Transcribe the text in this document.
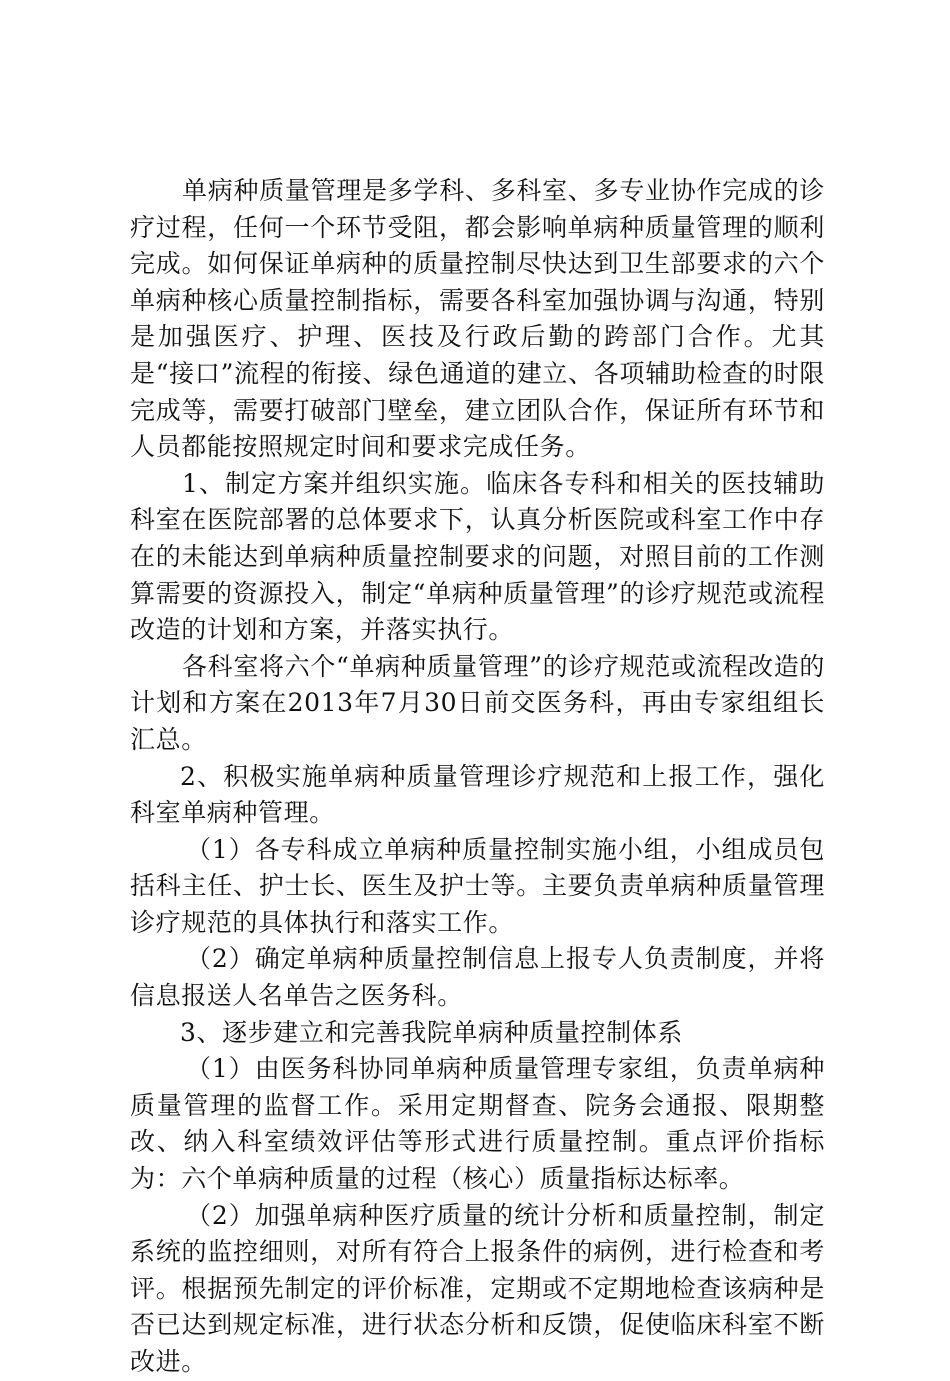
单病种质量管理是多学科、多科室、多专业协作完成的诊疗过程，任何一个环节受阻，都会影响单病种质量管理的顺利完成。如何保证单病种的质量控制尽快达到卫生部要求的六个单病种核心质量控制指标，需要各科室加强协调与沟通，特别是加强医疗、护理、医技及行政后勤的跨部门合作。尤其是“接口”流程的衔接、绿色通道的建立、各项辅助检查的时限完成等，需要打破部门壁垒，建立团队合作，保证所有环节和人员都能按照规定时间和要求完成任务。

1、制定方案并组织实施。临床各专科和相关的医技辅助科室在医院部署的总体要求下，认真分析医院或科室工作中存在的未能达到单病种质量控制要求的问题，对照目前的工作测算需要的资源投入，制定“单病种质量管理”的诊疗规范或流程改造的计划和方案，并落实执行。

各科室将六个“单病种质量管理”的诊疗规范或流程改造的计划和方案在2013年7月30日前交医务科，再由专家组组长汇总。

2、积极实施单病种质量管理诊疗规范和上报工作，强化科室单病种管理。

（1）各专科成立单病种质量控制实施小组，小组成员包括科主任、护士长、医生及护士等。主要负责单病种质量管理诊疗规范的具体执行和落实工作。

（2）确定单病种质量控制信息上报专人负责制度，并将信息报送人名单告之医务科。

3、逐步建立和完善我院单病种质量控制体系

（1）由医务科协同单病种质量管理专家组，负责单病种质量管理的监督工作。采用定期督查、院务会通报、限期整改、纳入科室绩效评估等形式进行质量控制。重点评价指标为：六个单病种质量的过程（核心）质量指标达标率。

（2）加强单病种医疗质量的统计分析和质量控制，制定系统的监控细则，对所有符合上报条件的病例，进行检查和考评。根据预先制定的评价标准，定期或不定期地检查该病种是否已达到规定标准，进行状态分析和反馈，促使临床科室不断改进。
